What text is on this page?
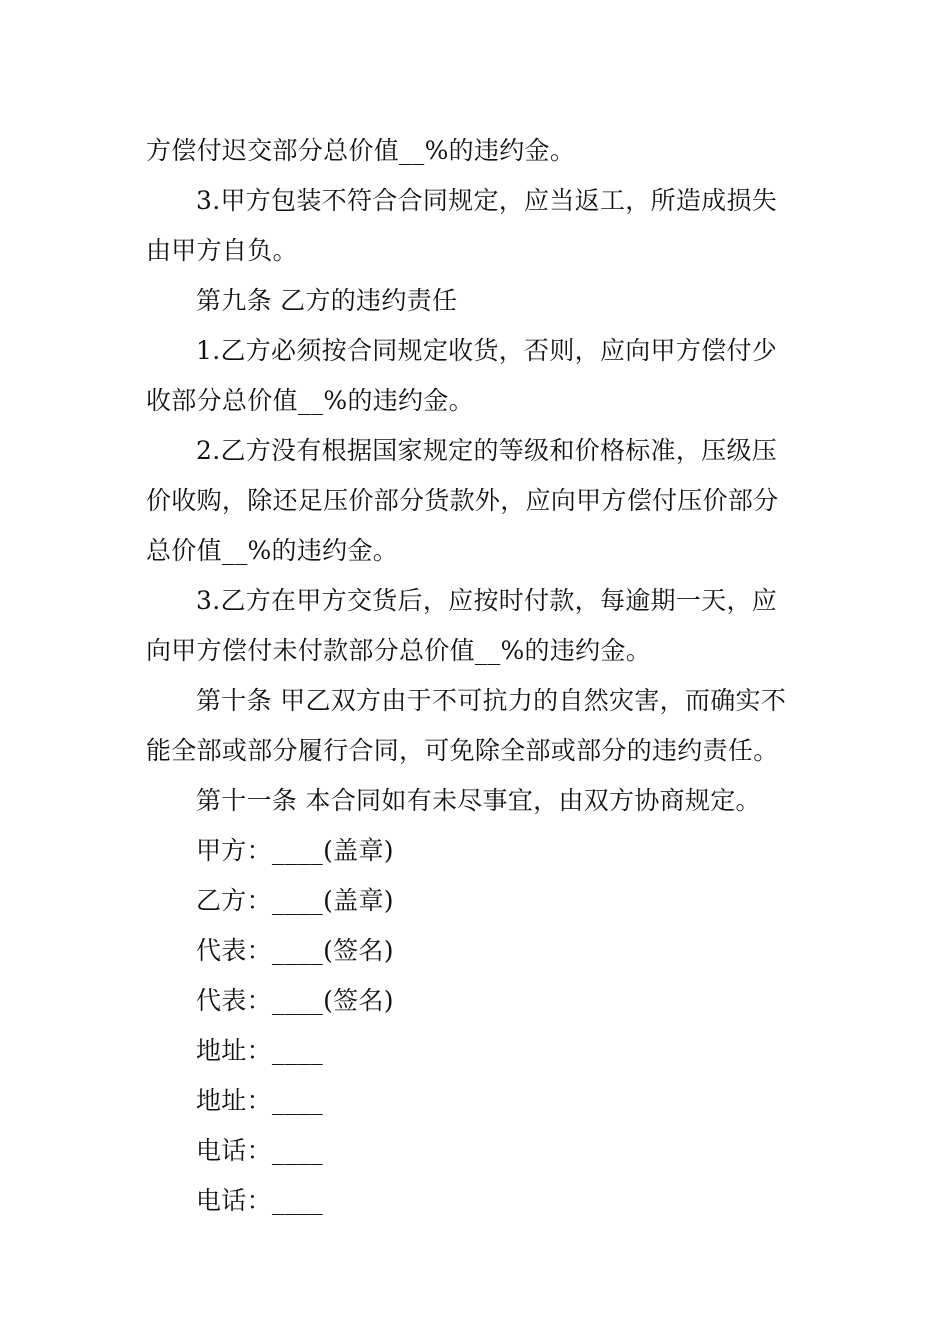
方偿付迟交部分总价值__%的违约金。
3.甲方包装不符合合同规定，应当返工，所造成损失
由甲方自负。
第九条 乙方的违约责任
1.乙方必须按合同规定收货，否则，应向甲方偿付少
收部分总价值__%的违约金。
2.乙方没有根据国家规定的等级和价格标准，压级压
价收购，除还足压价部分货款外，应向甲方偿付压价部分
总价值__%的违约金。
3.乙方在甲方交货后，应按时付款，每逾期一天，应
向甲方偿付未付款部分总价值__%的违约金。
第十条 甲乙双方由于不可抗力的自然灾害，而确实不
能全部或部分履行合同，可免除全部或部分的违约责任。
第十一条 本合同如有未尽事宜，由双方协商规定。
甲方：____(盖章)
乙方：____(盖章)
代表：____(签名)
代表：____(签名)
地址：____
地址：____
电话：____
电话：____
